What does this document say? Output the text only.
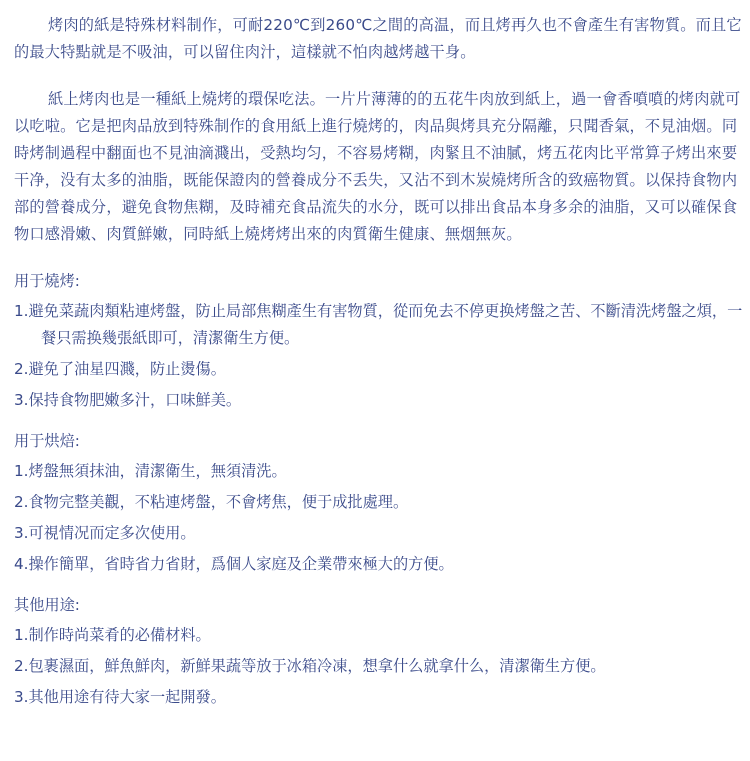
烤肉的紙是特殊材料制作，可耐220℃到260℃之間的高温，而且烤再久也不會產生有害物質。而且它的最大特點就是不吸油，可以留住肉汁，這樣就不怕肉越烤越干身。

紙上烤肉也是一種紙上燒烤的環保吃法。一片片薄薄的的五花牛肉放到紙上，過一會香噴噴的烤肉就可以吃啦。它是把肉品放到特殊制作的食用紙上進行燒烤的，肉品與烤具充分隔離，只聞香氣，不見油烟。同時烤制過程中翻面也不見油滴濺出，受熱均匀，不容易烤糊，肉緊且不油膩，烤五花肉比平常算子烤出來要干净，没有太多的油脂，既能保證肉的營養成分不丢失，又沾不到木炭燒烤所含的致癌物質。以保持食物内部的營養成分，避免食物焦糊，及時補充食品流失的水分，既可以排出食品本身多余的油脂，又可以確保食物口感滑嫩、肉質鮮嫩，同時紙上燒烤烤出來的肉質衛生健康、無烟無灰。

用于燒烤:
1.避免菜蔬肉類粘連烤盤，防止局部焦糊產生有害物質，從而免去不停更换烤盤之苦、不斷清洗烤盤之煩，一餐只需换幾張紙即可，清潔衛生方便。
2.避免了油星四濺，防止燙傷。
3.保持食物肥嫩多汁，口味鮮美。
用于烘焙:
1.烤盤無須抹油，清潔衛生，無須清洗。
2.食物完整美觀，不粘連烤盤，不會烤焦，便于成批處理。
3.可視情况而定多次使用。
4.操作簡單，省時省力省財，爲個人家庭及企業帶來極大的方便。
其他用途:
1.制作時尚菜肴的必備材料。
2.包裹濕面，鮮魚鮮肉，新鮮果蔬等放于冰箱冷凍，想拿什么就拿什么，清潔衛生方便。
3.其他用途有待大家一起開發。
